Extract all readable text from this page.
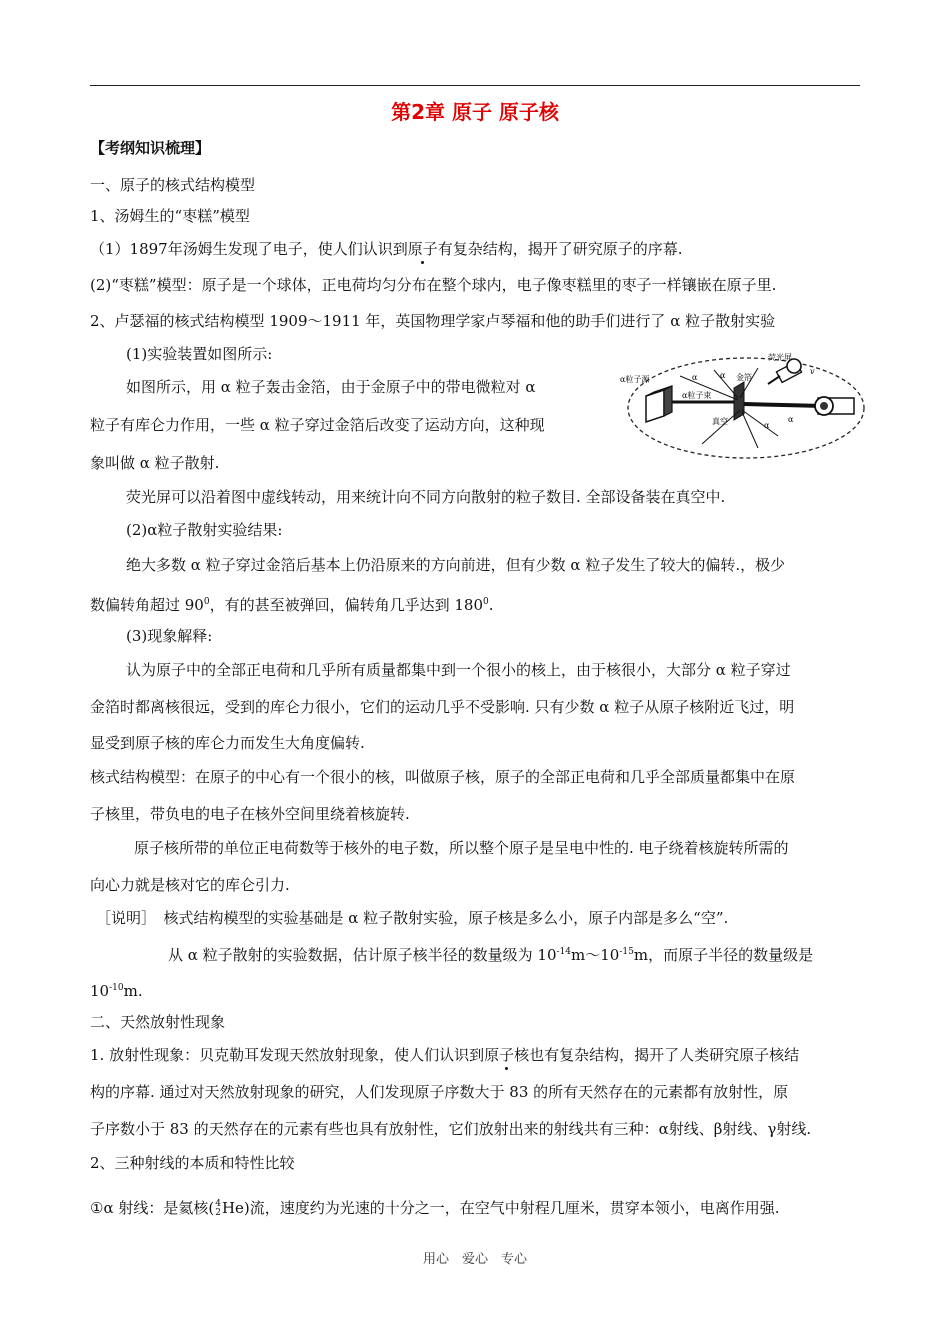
第2章 原子 原子核
【考纲知识梳理】
一、原子的核式结构模型
1、汤姆生的“枣糕”模型
（1）1897年汤姆生发现了电子，使人们认识到原子有复杂结构，揭开了研究原子的序幕.
(2)“枣糕”模型：原子是一个球体，正电荷均匀分布在整个球内，电子像枣糕里的枣子一样镶嵌在原子里.
2、卢瑟福的核式结构模型 1909～1911 年，英国物理学家卢琴福和他的助手们进行了 α 粒子散射实验
(1)实验装置如图所示:
如图所示，用 α 粒子轰击金箔，由于金原子中的带电微粒对 α
粒子有库仑力作用，一些 α 粒子穿过金箔后改变了运动方向，这种现
象叫做 α 粒子散射.
α粒子源
荧光屏
金箔
α粒子束
真空
α	α
α
α
v
荧光屏可以沿着图中虚线转动，用来统计向不同方向散射的粒子数目. 全部设备装在真空中.
(2)α粒子散射实验结果:
绝大多数 α 粒子穿过金箔后基本上仍沿原来的方向前进，但有少数 α 粒子发生了较大的偏转.，极少
数偏转角超过 $90^0$，有的甚至被弹回，偏转角几乎达到 $180^0$.
(3)现象解释:
认为原子中的全部正电荷和几乎所有质量都集中到一个很小的核上，由于核很小，大部分 α 粒子穿过
金箔时都离核很远，受到的库仑力很小，它们的运动几乎不受影响. 只有少数 α 粒子从原子核附近飞过，明
显受到原子核的库仑力而发生大角度偏转.
核式结构模型：在原子的中心有一个很小的核，叫做原子核，原子的全部正电荷和几乎全部质量都集中在原
子核里，带负电的电子在核外空间里绕着核旋转.
原子核所带的单位正电荷数等于核外的电子数，所以整个原子是呈电中性的. 电子绕着核旋转所需的
向心力就是核对它的库仑引力.
［说明］　核式结构模型的实验基础是 α 粒子散射实验，原子核是多么小，原子内部是多么“空”.
从 α 粒子散射的实验数据，估计原子核半径的数量级为 $10^{-14}m\sim 10^{-15}m$，而原子半径的数量级是
$10^{-10}m$.
二、天然放射性现象
1. 放射性现象：贝克勒耳发现天然放射现象，使人们认识到原子核也有复杂结构，揭开了人类研究原子核结
构的序幕. 通过对天然放射现象的研究，人们发现原子序数大于 83 的所有天然存在的元素都有放射性，原
子序数小于 83 的天然存在的元素有些也具有放射性，它们放射出来的射线共有三种：α射线、β射线、γ射线.
2、三种射线的本质和特性比较
①α 射线：是氦核( 4
2 He)流，速度约为光速的十分之一，在空气中射程几厘米，贯穿本领小，电离作用强.
用心　爱心　专心
